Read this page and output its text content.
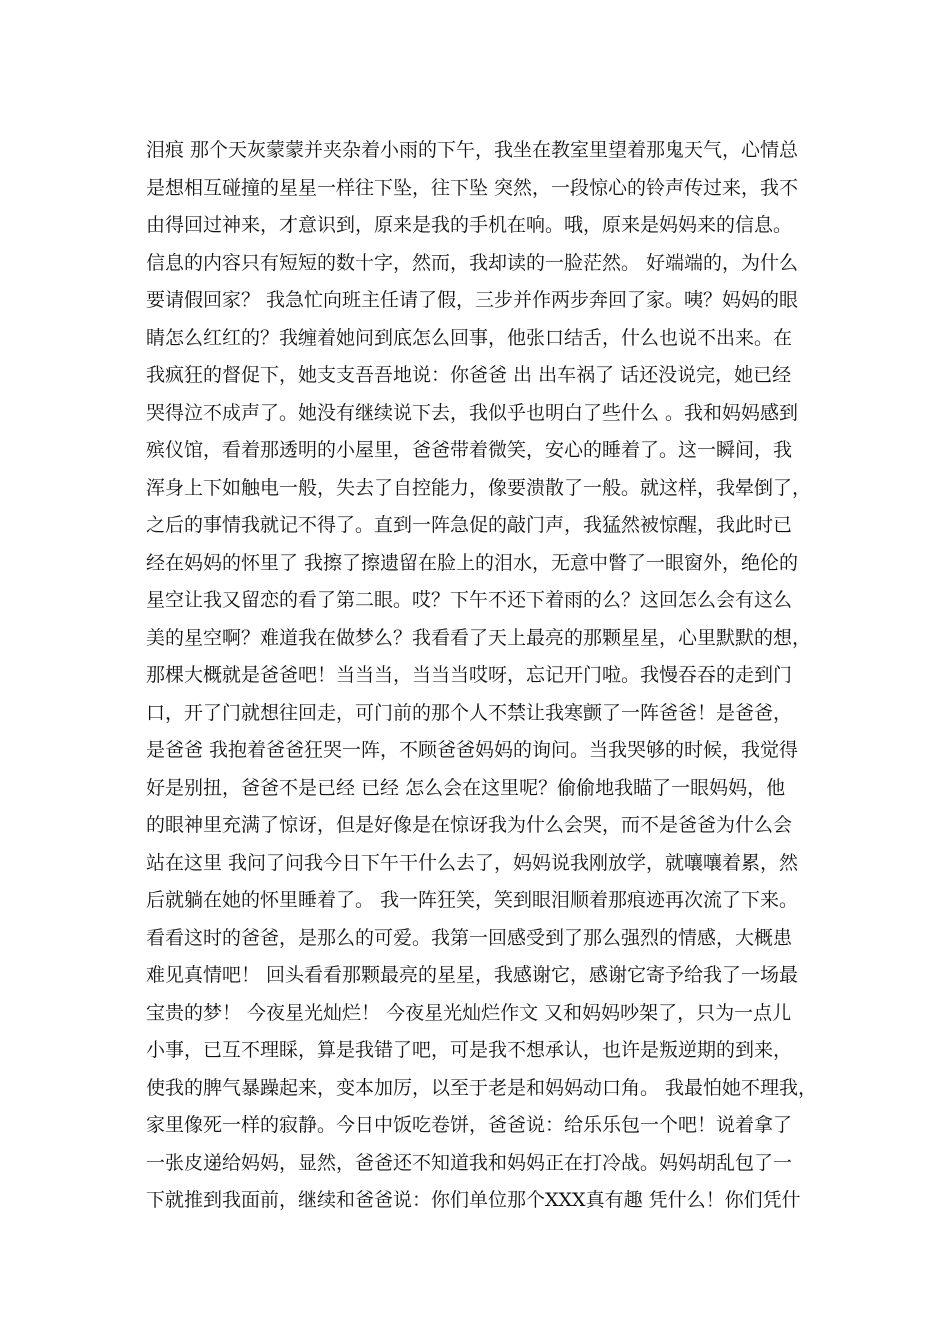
泪痕 那个天灰蒙蒙并夹杂着小雨的下午，我坐在教室里望着那鬼天气，心情总
是想相互碰撞的星星一样往下坠，往下坠 突然，一段惊心的铃声传过来，我不
由得回过神来，才意识到，原来是我的手机在响。哦，原来是妈妈来的信息。
信息的内容只有短短的数十字，然而，我却读的一脸茫然。 好端端的，为什么
要请假回家？ 我急忙向班主任请了假，三步并作两步奔回了家。咦？妈妈的眼
睛怎么红红的？我缠着她问到底怎么回事，他张口结舌，什么也说不出来。在
我疯狂的督促下，她支支吾吾地说：你爸爸 出 出车祸了 话还没说完，她已经
哭得泣不成声了。她没有继续说下去，我似乎也明白了些什么 。我和妈妈感到
殡仪馆，看着那透明的小屋里，爸爸带着微笑，安心的睡着了。这一瞬间，我
浑身上下如触电一般，失去了自控能力，像要溃散了一般。就这样，我晕倒了，
之后的事情我就记不得了。直到一阵急促的敲门声，我猛然被惊醒，我此时已
经在妈妈的怀里了 我擦了擦遗留在脸上的泪水，无意中瞥了一眼窗外，绝伦的
星空让我又留恋的看了第二眼。哎？下午不还下着雨的么？这回怎么会有这么
美的星空啊？难道我在做梦么？我看看了天上最亮的那颗星星，心里默默的想，
那棵大概就是爸爸吧！当当当，当当当哎呀，忘记开门啦。我慢吞吞的走到门
口，开了门就想往回走，可门前的那个人不禁让我寒颤了一阵爸爸！是爸爸，
是爸爸 我抱着爸爸狂哭一阵，不顾爸爸妈妈的询问。当我哭够的时候，我觉得
好是别扭，爸爸不是已经 已经 怎么会在这里呢？偷偷地我瞄了一眼妈妈，他
的眼神里充满了惊讶，但是好像是在惊讶我为什么会哭，而不是爸爸为什么会
站在这里 我问了问我今日下午干什么去了，妈妈说我刚放学，就嚷嚷着累，然
后就躺在她的怀里睡着了。 我一阵狂笑，笑到眼泪顺着那痕迹再次流了下来。
看看这时的爸爸，是那么的可爱。我第一回感受到了那么强烈的情感，大概患
难见真情吧！ 回头看看那颗最亮的星星，我感谢它，感谢它寄予给我了一场最
宝贵的梦！ 今夜星光灿烂！ 今夜星光灿烂作文 又和妈妈吵架了，只为一点儿
小事，已互不理睬，算是我错了吧，可是我不想承认，也许是叛逆期的到来，
使我的脾气暴躁起来，变本加厉，以至于老是和妈妈动口角。 我最怕她不理我，
家里像死一样的寂静。今日中饭吃卷饼，爸爸说：给乐乐包一个吧！说着拿了
一张皮递给妈妈，显然，爸爸还不知道我和妈妈正在打冷战。妈妈胡乱包了一
下就推到我面前，继续和爸爸说：你们单位那个XXX真有趣 凭什么！你们凭什
